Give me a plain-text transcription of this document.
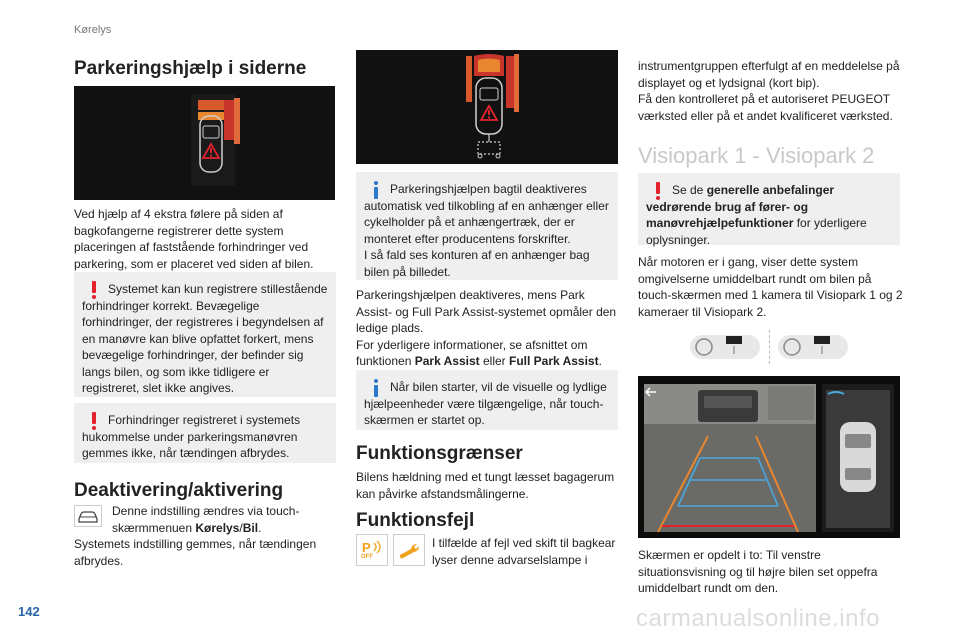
Kørelys
Parkeringshjælp i siderne
Ved hjælp af 4 ekstra følere på siden af bagkofangerne registrerer dette system placeringen af faststående forhindringer ved parkering, som er placeret ved siden af bilen.
Systemet kan kun registrere stillestående forhindringer korrekt. Bevægelige forhindringer, der registreres i begyndelsen af en manøvre kan blive opfattet forkert, mens bevægelige forhindringer, der befinder sig langs bilen, og som ikke tidligere er registreret, slet ikke angives.
Forhindringer registreret i systemets hukommelse under parkeringsmanøvren gemmes ikke, når tændingen afbrydes.
Deaktivering/aktivering
Denne indstilling ændres via touch-skærmmenuen Kørelys/Bil.
Systemets indstilling gemmes, når tændingen afbrydes.
Parkeringshjælpen bagtil deaktiveres automatisk ved tilkobling af en anhænger eller cykelholder på et anhængertræk, der er monteret efter producentens forskrifter.
I så fald ses konturen af en anhænger bag bilen på billedet.
Parkeringshjælpen deaktiveres, mens Park Assist- og Full Park Assist-systemet opmåler den ledige plads.
For yderligere informationer, se afsnittet om funktionen Park Assist eller Full Park Assist.
Når bilen starter, vil de visuelle og lydlige hjælpeenheder være tilgængelige, når touch-skærmen er startet op.
Funktionsgrænser
Bilens hældning med et tungt læsset bagagerum kan påvirke afstandsmålingerne.
Funktionsfejl
P
OFF
I tilfælde af fejl ved skift til bagkear lyser denne advarselslampe i
instrumentgruppen efterfulgt af en meddelelse på displayet og et lydsignal (kort bip).
Få den kontrolleret på et autoriseret PEUGEOT værksted eller på et andet kvalificeret værksted.
Visiopark 1 - Visiopark 2
Se de generelle anbefalinger vedrørende brug af fører- og manøvrehjælpefunktioner for yderligere oplysninger.
Når motoren er i gang, viser dette system omgivelserne umiddelbart rundt om bilen på touch-skærmen med 1 kamera til Visiopark 1 og 2 kameraer til Visiopark 2.
Skærmen er opdelt i to: Til venstre situationsvisning og til højre bilen set oppefra umiddelbart rundt om den.
142	carmanualsonline.info
